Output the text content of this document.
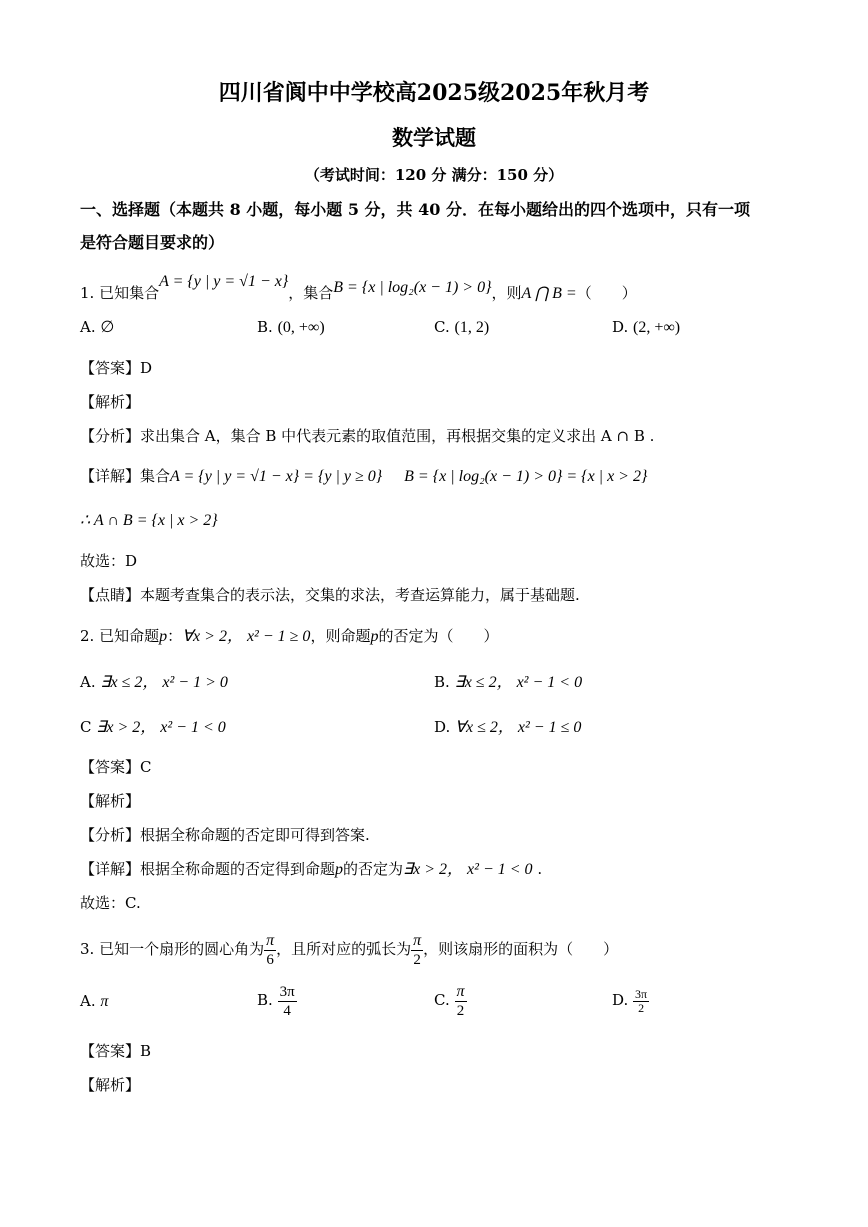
四川省阆中中学校高2025级2025年秋月考
数学试题
（考试时间：120 分 满分：150 分）
一、选择题（本题共 8 小题，每小题 5 分，共 40 分．在每小题给出的四个选项中，只有一项
是符合题目要求的）
1. 已知集合A = {y | y = √1 − x}，集合B = {x | log₂(x − 1) > 0}，则A ⋂ B =（　　）
A. ∅	B. (0, +∞)	C. (1, 2)	D. (2, +∞)
【答案】D
【解析】
【分析】求出集合 A，集合 B 中代表元素的取值范围，再根据交集的定义求出 A ∩ B .
【详解】集合A = {y | y = √1 − x} = {y | y ≥ 0} B = {x | log₂(x − 1) > 0} = {x | x > 2}
∴ A ∩ B = {x | x > 2}
故选：D
【点睛】本题考查集合的表示法，交集的求法，考查运算能力，属于基础题.
2. 已知命题p：∀x > 2， x² − 1 ≥ 0，则命题p的否定为（　　）
A. ∃x ≤ 2， x² − 1 > 0	B. ∃x ≤ 2， x² − 1 < 0
C ∃x > 2， x² − 1 < 0	D. ∀x ≤ 2， x² − 1 ≤ 0
【答案】C
【解析】
【分析】根据全称命题的否定即可得到答案.
【详解】根据全称命题的否定得到命题p的否定为∃x > 2， x² − 1 < 0 .
故选：C.
3. 已知一个扇形的圆心角为 $\frac{\pi}{6}$ ，且所对应的弧长为 $\frac{\pi}{2}$ ，则该扇形的面积为（　　）
A. π	B. $\frac{3\pi}{4}$	C. $\frac{\pi}{2}$	D. $\frac{3\pi}{2}$
【答案】B
【解析】
